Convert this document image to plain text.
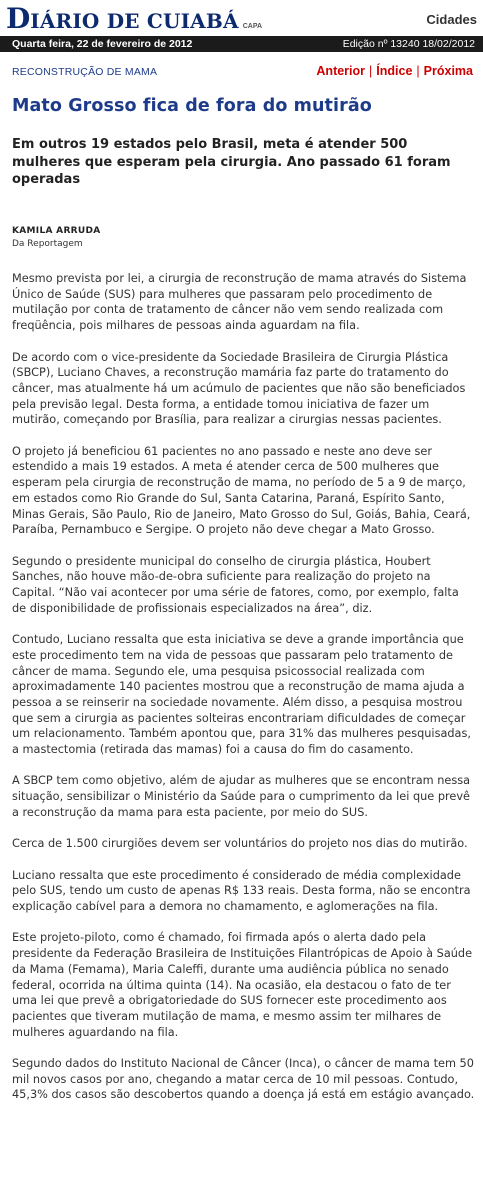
D IÁRIO DE CUIABÁ CAPA	Cidades
Quarta feira, 22 de fevereiro de 2012	Edição nº 13240 18/02/2012
RECONSTRUÇÃO DE MAMA	Anterior | Índice | Próxima
Mato Grosso fica de fora do mutirão
Em outros 19 estados pelo Brasil, meta é atender 500 mulheres que esperam pela cirurgia. Ano passado 61 foram operadas
KAMILA ARRUDA
Da Reportagem

Mesmo prevista por lei, a cirurgia de reconstrução de mama através do Sistema Único de Saúde (SUS) para mulheres que passaram pelo procedimento de mutilação por conta de tratamento de câncer não vem sendo realizada com freqüência, pois milhares de pessoas ainda aguardam na fila.

De acordo com o vice-presidente da Sociedade Brasileira de Cirurgia Plástica (SBCP), Luciano Chaves, a reconstrução mamária faz parte do tratamento do câncer, mas atualmente há um acúmulo de pacientes que não são beneficiados pela previsão legal. Desta forma, a entidade tomou iniciativa de fazer um mutirão, começando por Brasília, para realizar a cirurgias nessas pacientes.

O projeto já beneficiou 61 pacientes no ano passado e neste ano deve ser estendido a mais 19 estados. A meta é atender cerca de 500 mulheres que esperam pela cirurgia de reconstrução de mama, no período de 5 a 9 de março, em estados como Rio Grande do Sul, Santa Catarina, Paraná, Espírito Santo, Minas Gerais, São Paulo, Rio de Janeiro, Mato Grosso do Sul, Goiás, Bahia, Ceará, Paraíba, Pernambuco e Sergipe. O projeto não deve chegar a Mato Grosso.

Segundo o presidente municipal do conselho de cirurgia plástica, Houbert Sanches, não houve mão-de-obra suficiente para realização do projeto na Capital. “Não vai acontecer por uma série de fatores, como, por exemplo, falta de disponibilidade de profissionais especializados na área”, diz.

Contudo, Luciano ressalta que esta iniciativa se deve a grande importância que este procedimento tem na vida de pessoas que passaram pelo tratamento de câncer de mama. Segundo ele, uma pesquisa psicossocial realizada com aproximadamente 140 pacientes mostrou que a reconstrução de mama ajuda a pessoa a se reinserir na sociedade novamente. Além disso, a pesquisa mostrou que sem a cirurgia as pacientes solteiras encontrariam dificuldades de começar um relacionamento. Também apontou que, para 31% das mulheres pesquisadas, a mastectomia (retirada das mamas) foi a causa do fim do casamento.

A SBCP tem como objetivo, além de ajudar as mulheres que se encontram nessa situação, sensibilizar o Ministério da Saúde para o cumprimento da lei que prevê a reconstrução da mama para esta paciente, por meio do SUS.

Cerca de 1.500 cirurgiões devem ser voluntários do projeto nos dias do mutirão.

Luciano ressalta que este procedimento é considerado de média complexidade pelo SUS, tendo um custo de apenas R$ 133 reais. Desta forma, não se encontra explicação cabível para a demora no chamamento, e aglomerações na fila.

Este projeto-piloto, como é chamado, foi firmada após o alerta dado pela presidente da Federação Brasileira de Instituições Filantrópicas de Apoio à Saúde da Mama (Femama), Maria Caleffi, durante uma audiência pública no senado federal, ocorrida na última quinta (14). Na ocasião, ela destacou o fato de ter uma lei que prevê a obrigatoriedade do SUS fornecer este procedimento aos pacientes que tiveram mutilação de mama, e mesmo assim ter milhares de mulheres aguardando na fila.

Segundo dados do Instituto Nacional de Câncer (Inca), o câncer de mama tem 50 mil novos casos por ano, chegando a matar cerca de 10 mil pessoas. Contudo, 45,3% dos casos são descobertos quando a doença já está em estágio avançado.
